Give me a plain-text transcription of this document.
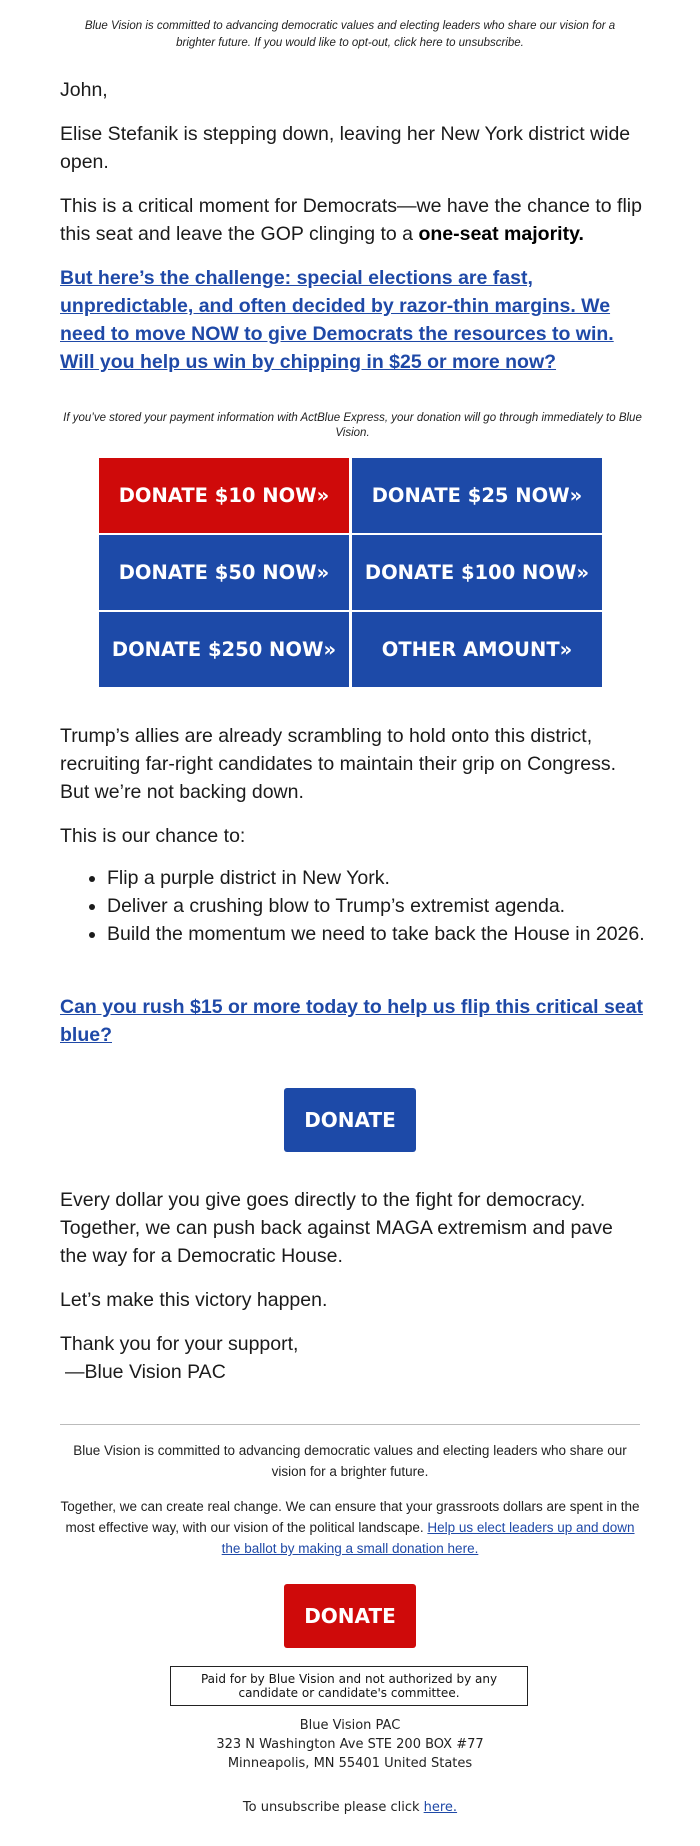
Blue Vision is committed to advancing democratic values and electing leaders who share our vision for a brighter future. If you would like to opt-out, click here to unsubscribe.
John,
Elise Stefanik is stepping down, leaving her New York district wide open.
This is a critical moment for Democrats—we have the chance to flip this seat and leave the GOP clinging to a one-seat majority.
But here’s the challenge: special elections are fast, unpredictable, and often decided by razor-thin margins. We need to move NOW to give Democrats the resources to win. Will you help us win by chipping in $25 or more now?
If you’ve stored your payment information with ActBlue Express, your donation will go through immediately to Blue Vision.
DONATE $10 NOW»	DONATE $25 NOW»
DONATE $50 NOW»	DONATE $100 NOW»
DONATE $250 NOW»	OTHER AMOUNT»
Trump’s allies are already scrambling to hold onto this district, recruiting far-right candidates to maintain their grip on Congress. But we’re not backing down.
This is our chance to:
• Flip a purple district in New York.
• Deliver a crushing blow to Trump’s extremist agenda.
• Build the momentum we need to take back the House in 2026.
Can you rush $15 or more today to help us flip this critical seat blue?
DONATE
Every dollar you give goes directly to the fight for democracy. Together, we can push back against MAGA extremism and pave the way for a Democratic House.
Let’s make this victory happen.
Thank you for your support,
—Blue Vision PAC
Blue Vision is committed to advancing democratic values and electing leaders who share our vision for a brighter future.
Together, we can create real change. We can ensure that your grassroots dollars are spent in the most effective way, with our vision of the political landscape. Help us elect leaders up and down the ballot by making a small donation here.
DONATE
Paid for by Blue Vision and not authorized by any candidate or candidate's committee.
Blue Vision PAC
323 N Washington Ave STE 200 BOX #77
Minneapolis, MN 55401 United States
To unsubscribe please click here.
